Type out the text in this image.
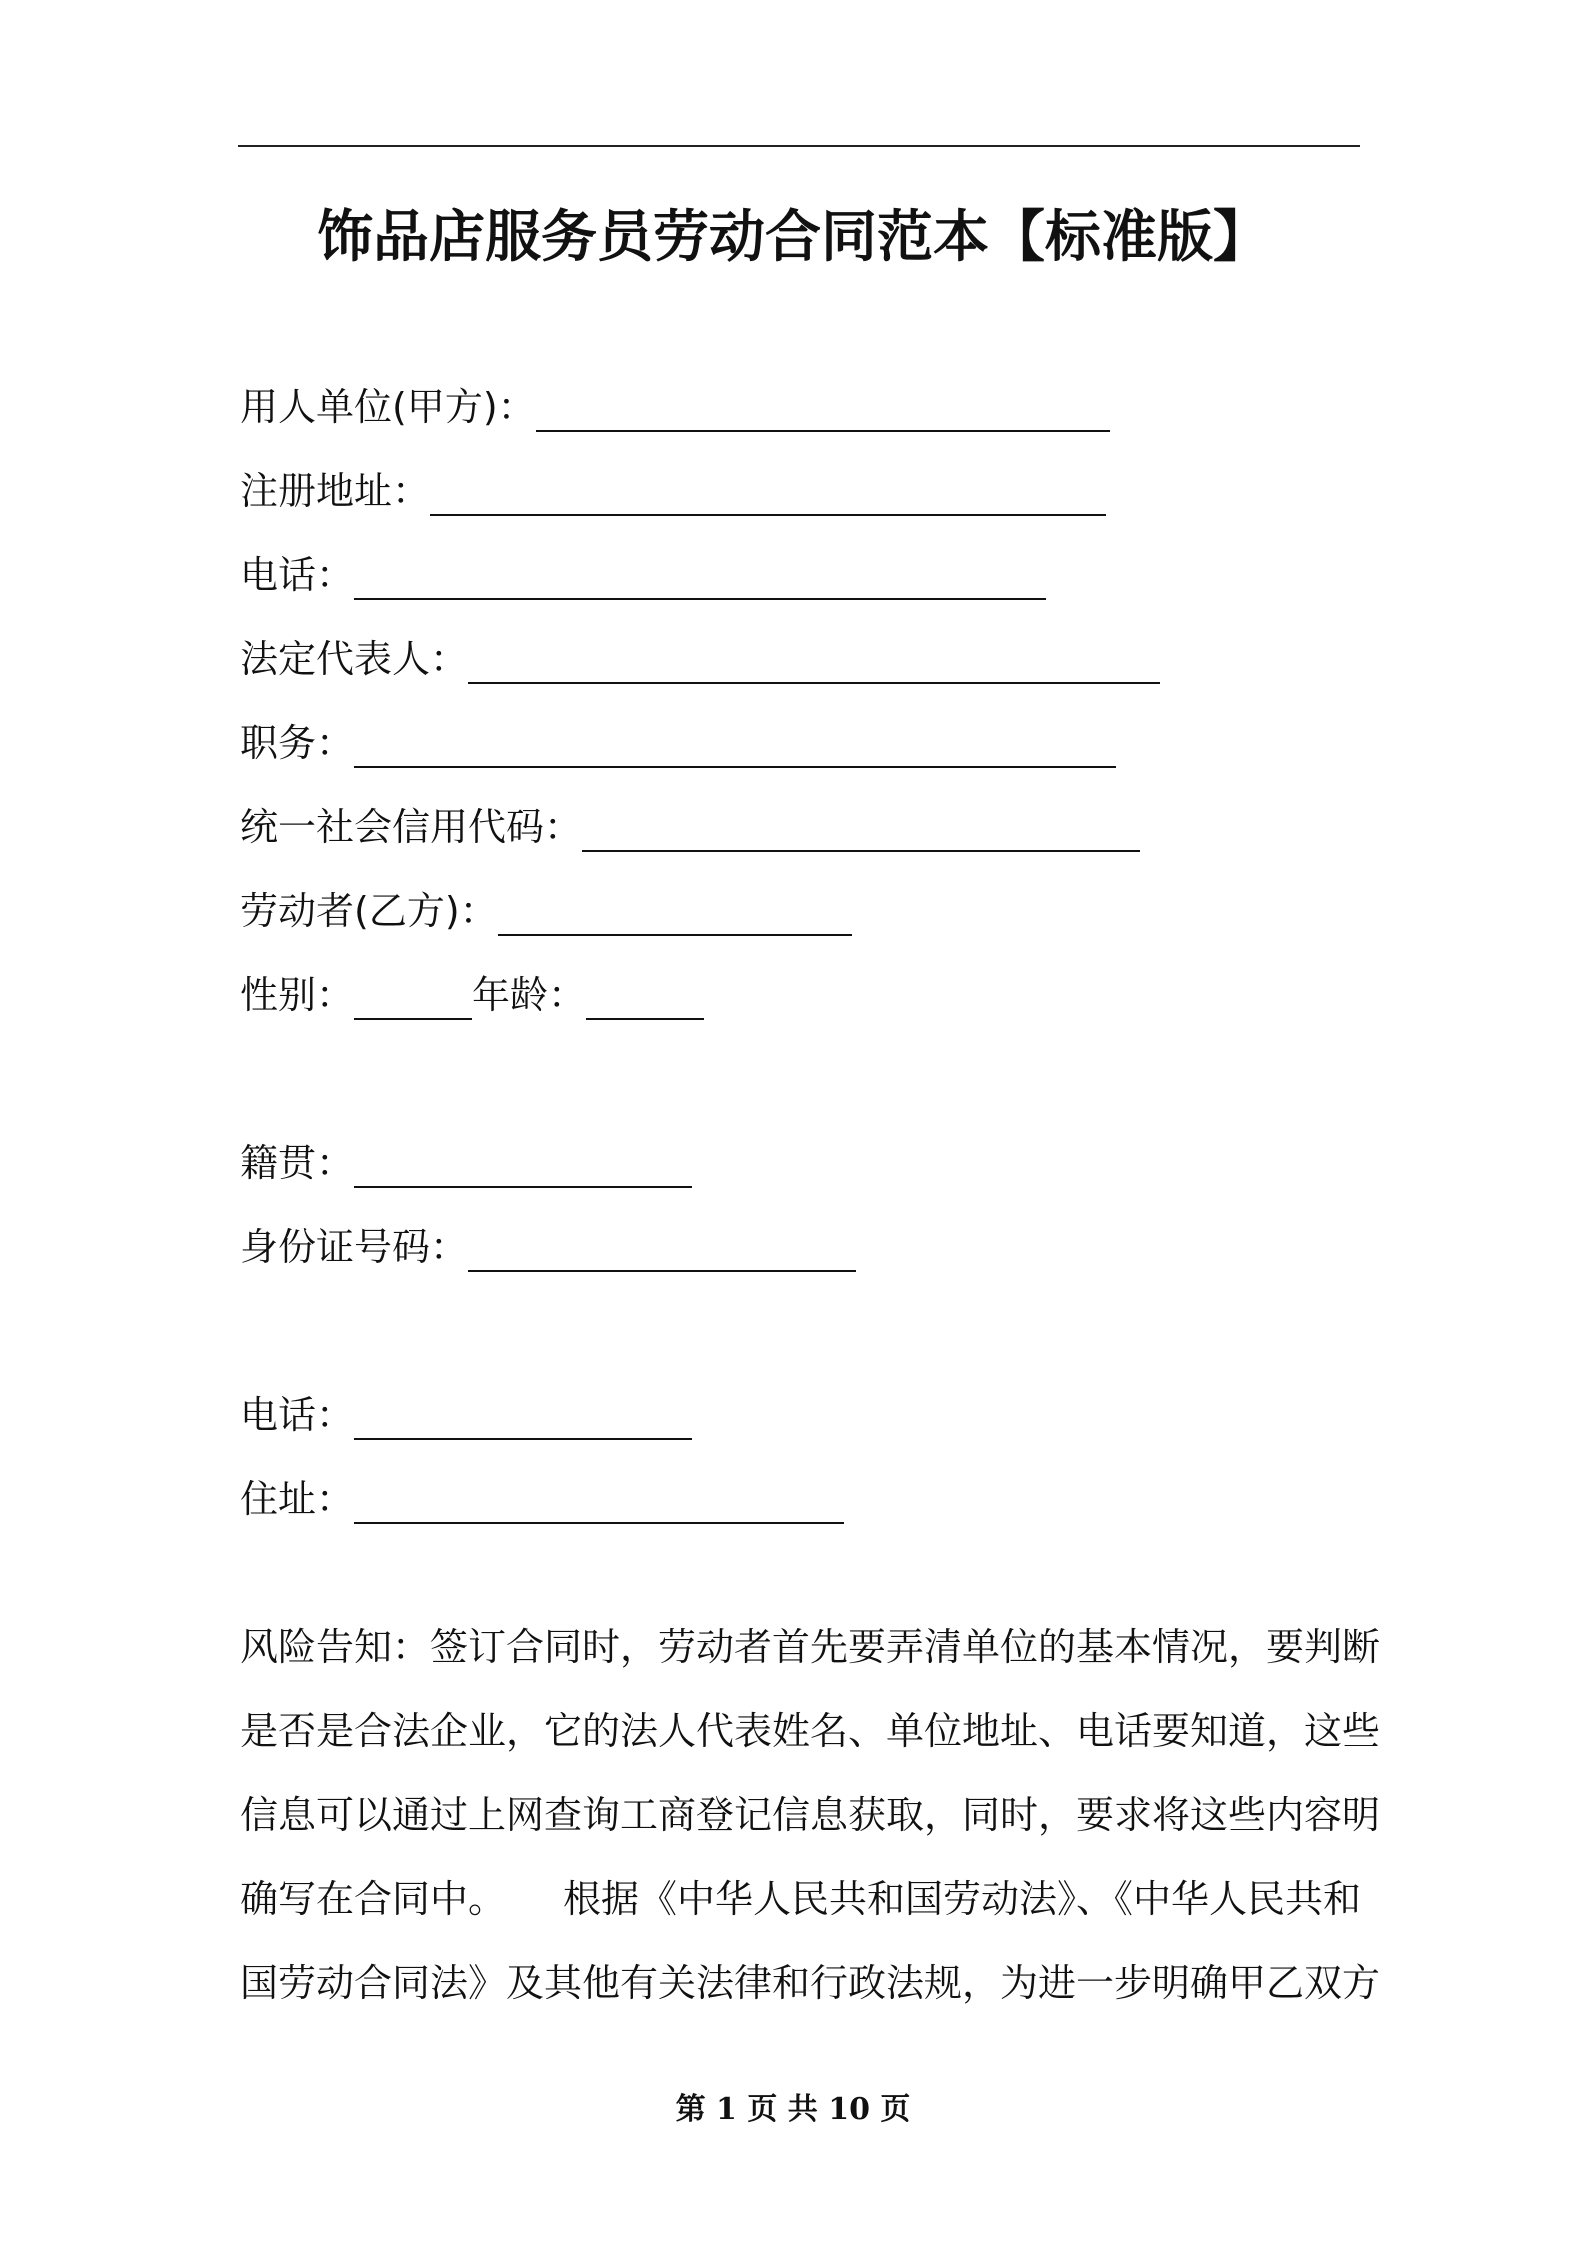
饰品店服务员劳动合同范本【标准版】
用人单位(甲方)：
注册地址：
电话：
法定代表人：
职务：
统一社会信用代码：
劳动者(乙方)：
性别：	年龄：
籍贯：
身份证号码：
电话：
住址：
风险告知：签订合同时，劳动者首先要弄清单位的基本情况，要判断
是否是合法企业，它的法人代表姓名、单位地址、电话要知道，这些
信息可以通过上网查询工商登记信息获取，同时，要求将这些内容明
确写在合同中。　　根据《中华人民共和国劳动法》、《中华人民共和
国劳动合同法》及其他有关法律和行政法规，为进一步明确甲乙双方
第 1 页 共 10 页
